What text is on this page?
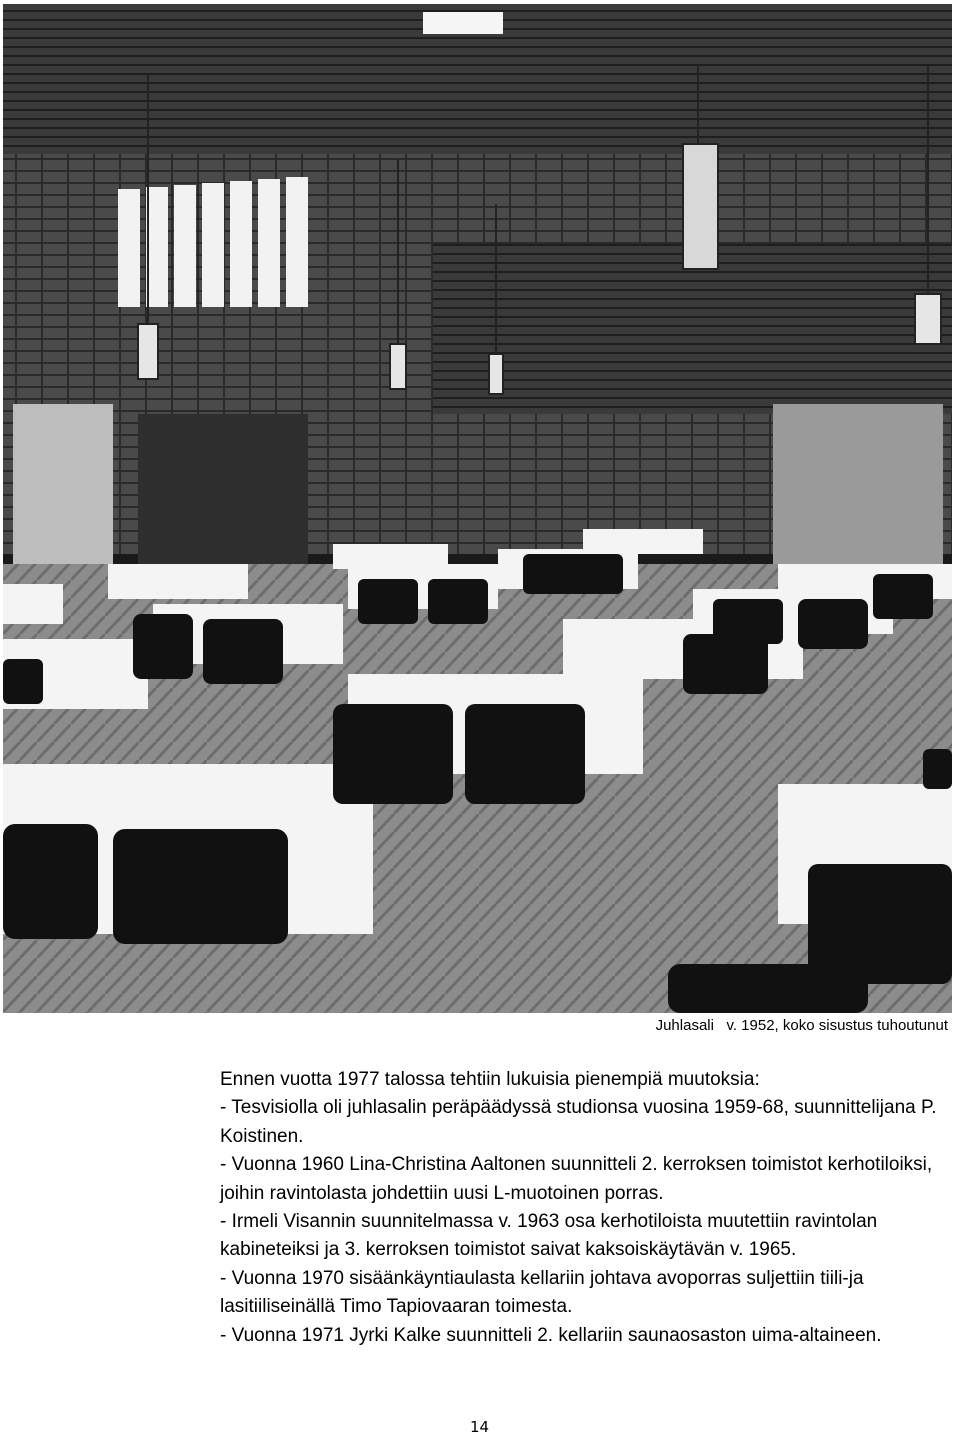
Juhlasali   v. 1952, koko sisustus tuhoutunut

Ennen vuotta 1977 talossa tehtiin lukuisia pienempiä muutoksia:

- Tesvisiolla oli juhlasalin peräpäädyssä studionsa vuosina 1959-68, suunnittelijana P. Koistinen.

- Vuonna 1960 Lina-Christina Aaltonen suunnitteli 2. kerroksen toimistot kerhotiloiksi, joihin ravintolasta johdettiin uusi L-muotoinen porras.

- Irmeli Visannin suunnitelmassa v. 1963 osa kerhotiloista muutettiin ravintolan kabineteiksi ja 3. kerroksen toimistot saivat kaksoiskäytävän v. 1965.

- Vuonna 1970 sisäänkäyntiaulasta kellariin johtava avoporras suljettiin tiili-ja lasitiiliseinällä Timo Tapiovaaran toimesta.

- Vuonna 1971 Jyrki Kalke suunnitteli 2. kellariin saunaosaston uima-altaineen.

14
